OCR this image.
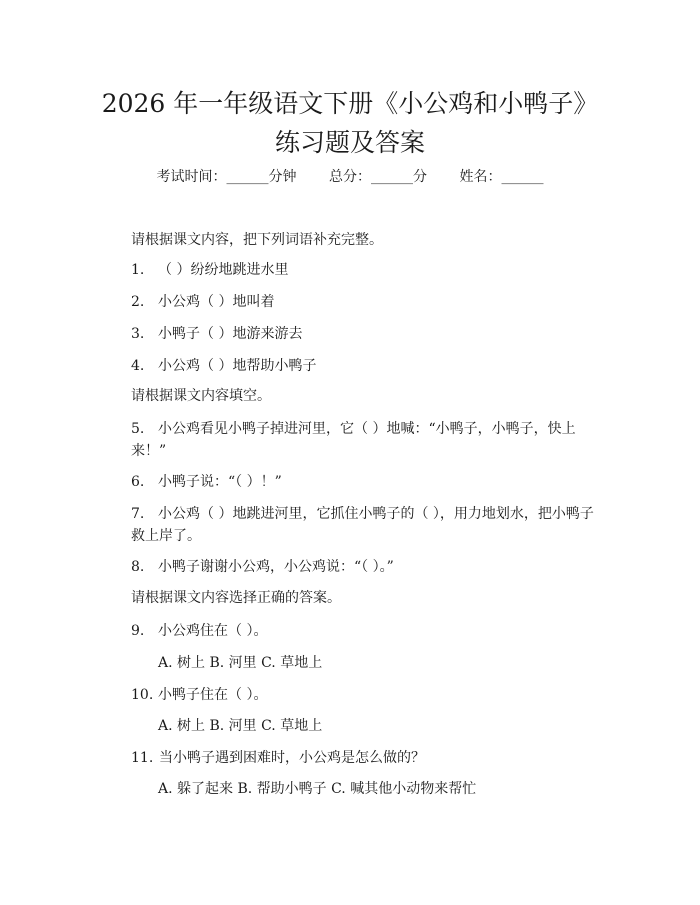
2026 年一年级语文下册《小公鸡和小鸭子》
练习题及答案
考试时间：______分钟 总分：______分 姓名：______
请根据课文内容，把下列词语补充完整。
1. （ ）纷纷地跳进水里
2. 小公鸡（ ）地叫着
3. 小鸭子（ ）地游来游去
4. 小公鸡（ ）地帮助小鸭子
请根据课文内容填空。
5. 小公鸡看见小鸭子掉进河里，它（ ）地喊：“小鸭子，小鸭子，快上来！”
6. 小鸭子说：“（ ）！”
7. 小公鸡（ ）地跳进河里，它抓住小鸭子的（ ），用力地划水，把小鸭子救上岸了。
8. 小鸭子谢谢小公鸡，小公鸡说：“（ ）。”
请根据课文内容选择正确的答案。
9. 小公鸡住在（ ）。
A. 树上 B. 河里 C. 草地上
10. 小鸭子住在（ ）。
A. 树上 B. 河里 C. 草地上
11. 当小鸭子遇到困难时，小公鸡是怎么做的？
A. 躲了起来 B. 帮助小鸭子 C. 喊其他小动物来帮忙
